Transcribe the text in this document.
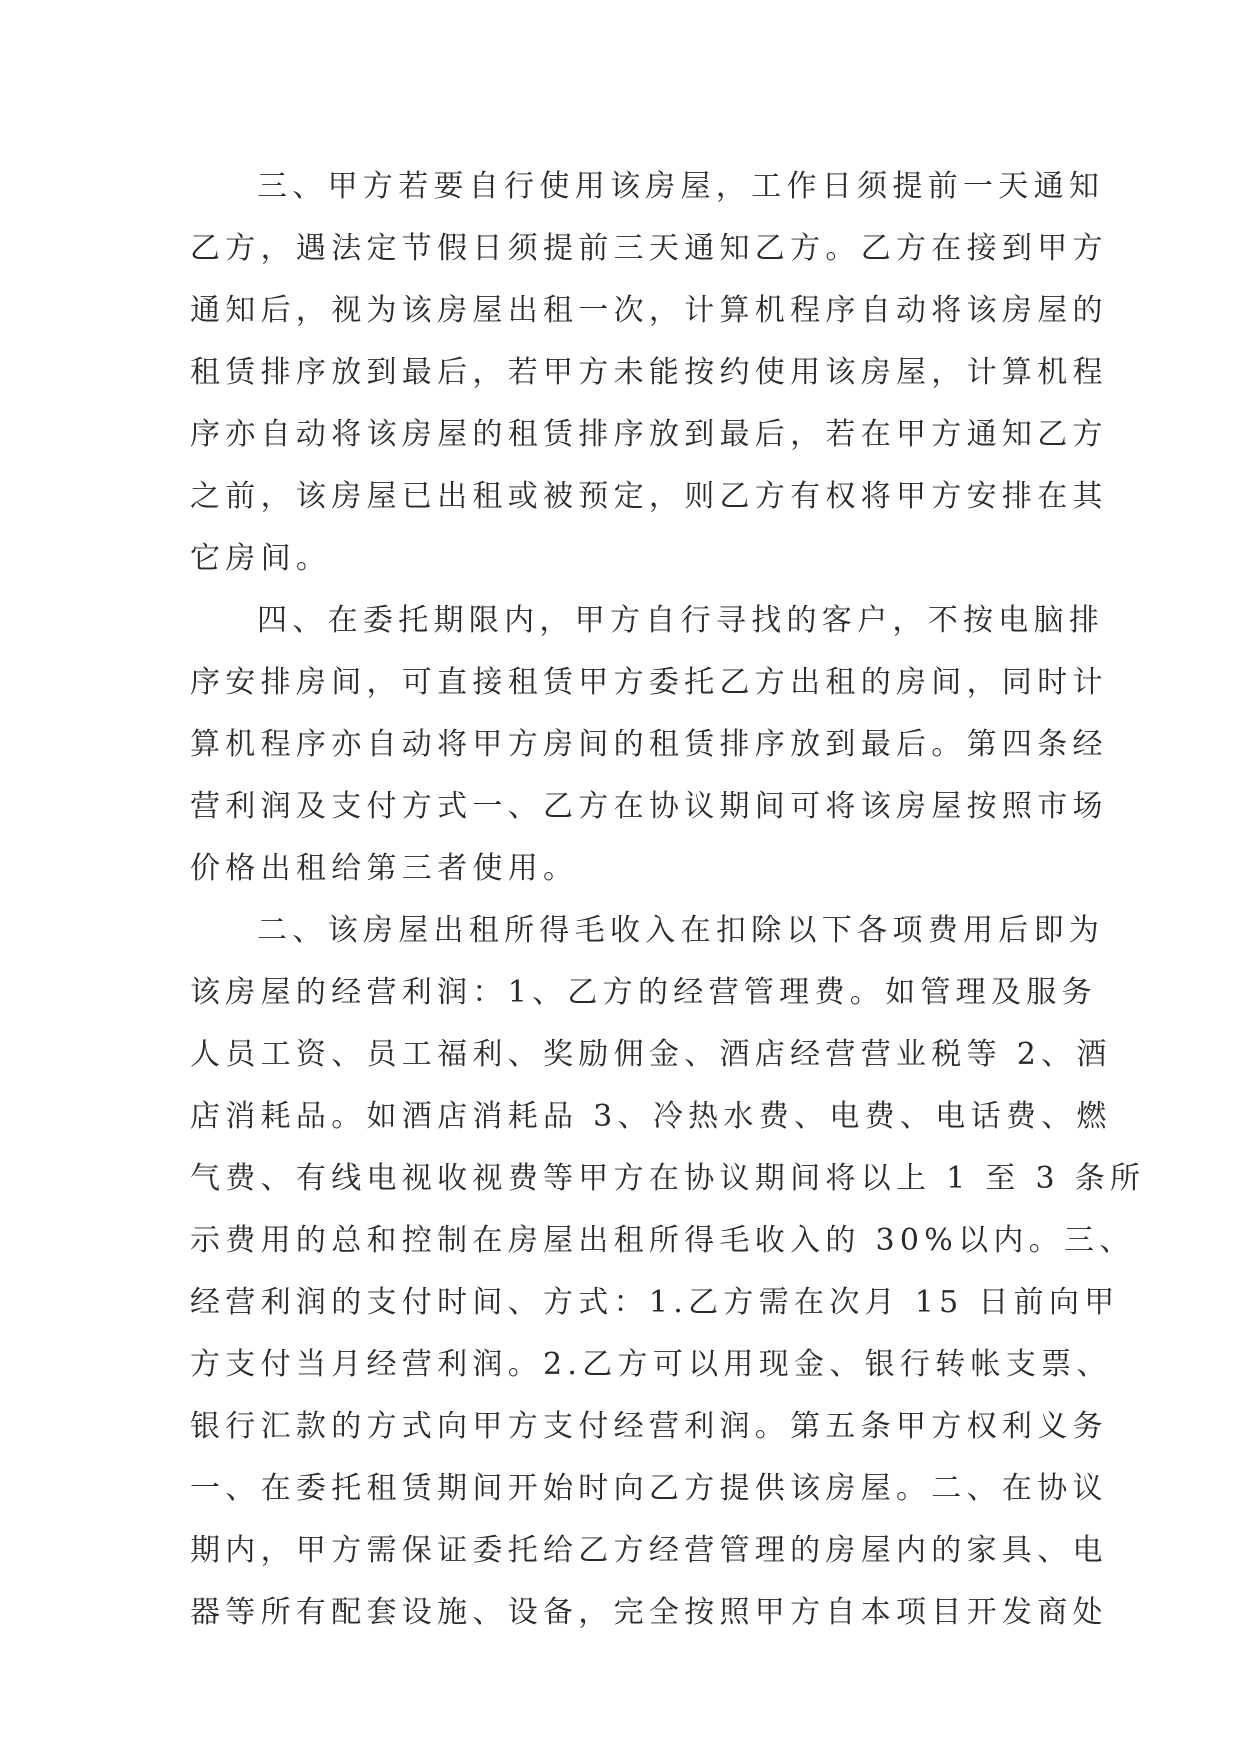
三、甲方若要自行使用该房屋，工作日须提前一天通知
乙方，遇法定节假日须提前三天通知乙方。乙方在接到甲方
通知后，视为该房屋出租一次，计算机程序自动将该房屋的
租赁排序放到最后，若甲方未能按约使用该房屋，计算机程
序亦自动将该房屋的租赁排序放到最后，若在甲方通知乙方
之前，该房屋已出租或被预定，则乙方有权将甲方安排在其
它房间。
四、在委托期限内，甲方自行寻找的客户，不按电脑排
序安排房间，可直接租赁甲方委托乙方出租的房间，同时计
算机程序亦自动将甲方房间的租赁排序放到最后。第四条经
营利润及支付方式一、乙方在协议期间可将该房屋按照市场
价格出租给第三者使用。
二、该房屋出租所得毛收入在扣除以下各项费用后即为
该房屋的经营利润：1、乙方的经营管理费。如管理及服务
人员工资、员工福利、奖励佣金、酒店经营营业税等 2、酒
店消耗品。如酒店消耗品 3、冷热水费、电费、电话费、燃
气费、有线电视收视费等甲方在协议期间将以上 1 至 3 条所
示费用的总和控制在房屋出租所得毛收入的 30%以内。三、
经营利润的支付时间、方式：1.乙方需在次月 15 日前向甲
方支付当月经营利润。2.乙方可以用现金、银行转帐支票、
银行汇款的方式向甲方支付经营利润。第五条甲方权利义务
一、在委托租赁期间开始时向乙方提供该房屋。二、在协议
期内，甲方需保证委托给乙方经营管理的房屋内的家具、电
器等所有配套设施、设备，完全按照甲方自本项目开发商处
